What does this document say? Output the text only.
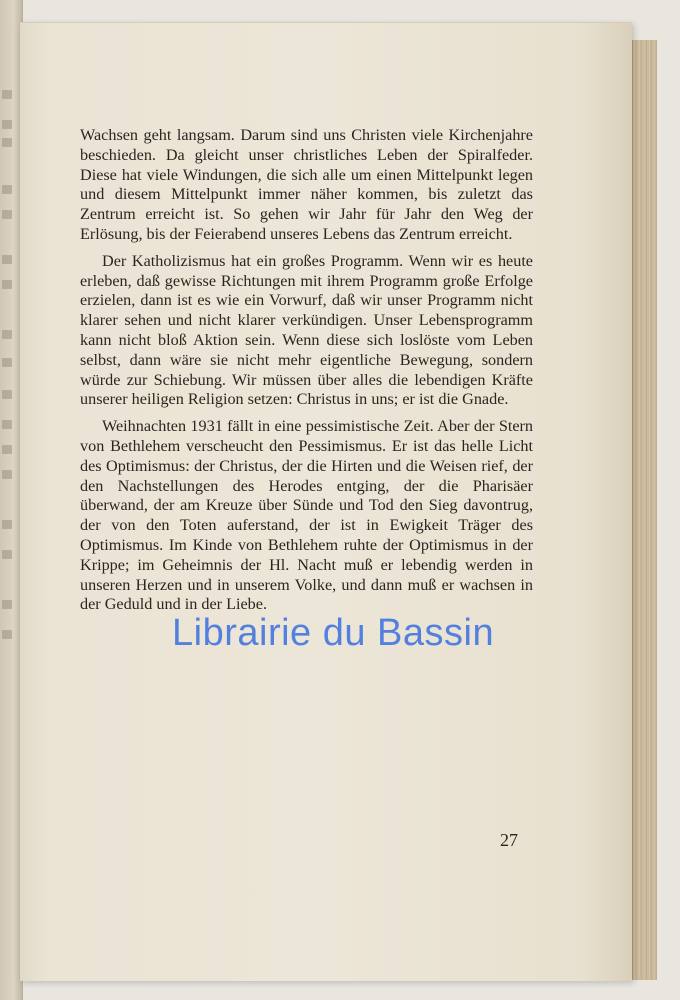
Wachsen geht langsam. Darum sind uns Christen viele Kirchenjahre beschieden. Da gleicht unser christliches Leben der Spiralfeder. Diese hat viele Windungen, die sich alle um einen Mittelpunkt legen und diesem Mittelpunkt immer näher kommen, bis zuletzt das Zentrum erreicht ist. So gehen wir Jahr für Jahr den Weg der Erlösung, bis der Feierabend unseres Lebens das Zentrum erreicht.

Der Katholizismus hat ein großes Programm. Wenn wir es heute erleben, daß gewisse Richtungen mit ihrem Programm große Erfolge erzielen, dann ist es wie ein Vorwurf, daß wir unser Programm nicht klarer sehen und nicht klarer verkündigen. Unser Lebensprogramm kann nicht bloß Aktion sein. Wenn diese sich loslöste vom Leben selbst, dann wäre sie nicht mehr eigentliche Bewegung, sondern würde zur Schiebung. Wir müssen über alles die lebendigen Kräfte unserer heiligen Religion setzen: Christus in uns; er ist die Gnade.

Weihnachten 1931 fällt in eine pessimistische Zeit. Aber der Stern von Bethlehem verscheucht den Pessimismus. Er ist das helle Licht des Optimismus: der Christus, der die Hirten und die Weisen rief, der den Nachstellungen des Herodes entging, der die Pharisäer überwand, der am Kreuze über Sünde und Tod den Sieg davontrug, der von den Toten auferstand, der ist in Ewigkeit Träger des Optimismus. Im Kinde von Bethlehem ruhte der Optimismus in der Krippe; im Geheimnis der Hl. Nacht muß er lebendig werden in unseren Herzen und in unserem Volke, und dann muß er wachsen in der Geduld und in der Liebe.

27
Librairie du Bassin
